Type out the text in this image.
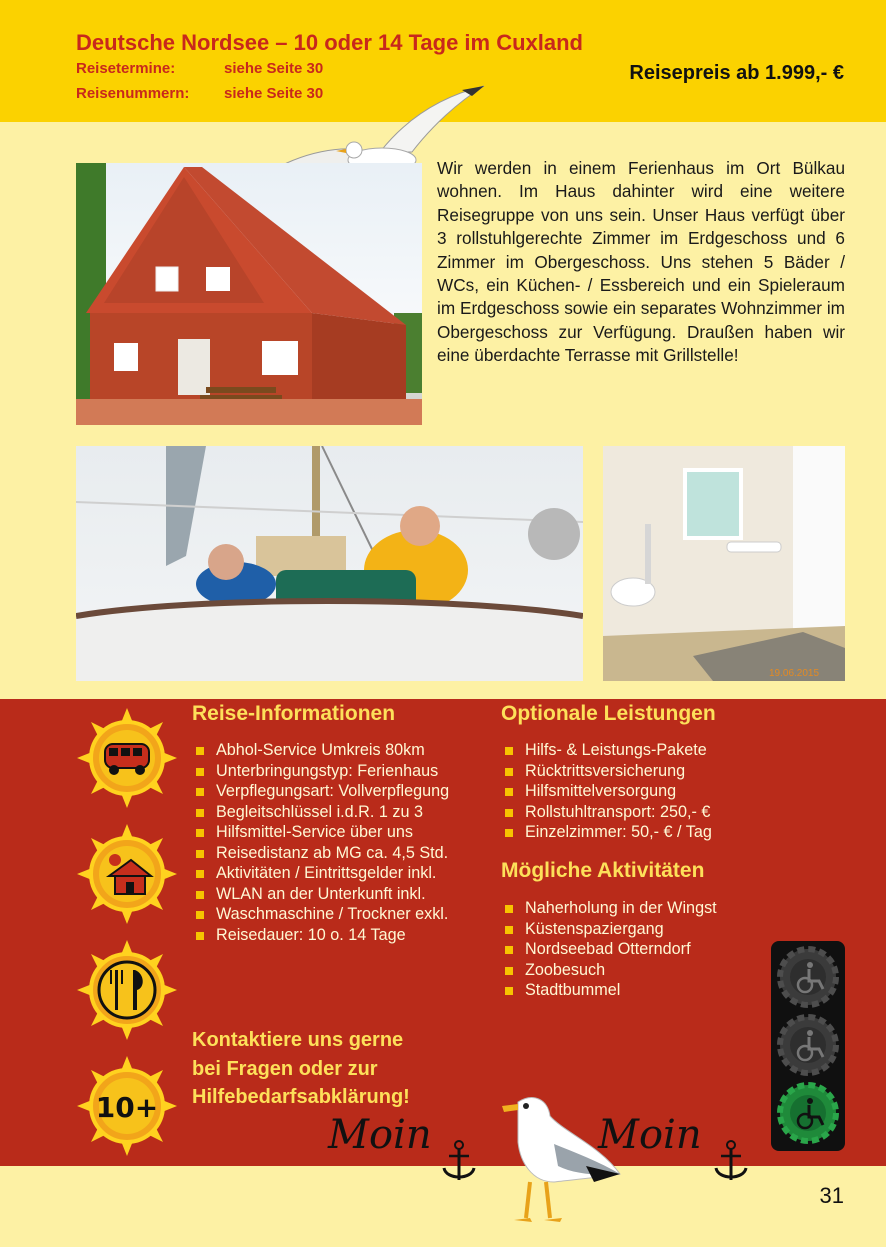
Deutsche Nordsee – 10 oder 14 Tage im Cuxland
Reisetermine:	siehe Seite 30
Reisenummern: siehe Seite 30
Reisepreis ab 1.999,- €

Wir werden in einem Ferienhaus im Ort Bülkau wohnen. Im Haus dahinter wird eine weitere Reisegruppe von uns sein. Unser Haus verfügt über 3 rollstuhlgerechte Zimmer im Erdgeschoss und 6 Zimmer im Obergeschoss. Uns stehen 5 Bäder / WCs, ein Küchen- / Essbereich und ein Spieleraum im Erdgeschoss sowie ein separates Wohnzimmer im Obergeschoss zur Verfügung. Draußen haben wir eine überdachte Terrasse mit Grillstelle!

19.06.2015
10+
Reise-Informationen
Abhol-Service Umkreis 80km
Unterbringungstyp: Ferienhaus
Verpflegungsart: Vollverpflegung
Begleitschlüssel i.d.R. 1 zu 3
Hilfsmittel-Service über uns
Reisedistanz ab MG ca. 4,5 Std.
Aktivitäten / Eintrittsgelder inkl.
WLAN an der Unterkunft inkl.
Waschmaschine / Trockner exkl.
Reisedauer: 10 o. 14 Tage
Optionale Leistungen
Hilfs- & Leistungs-Pakete
Rücktrittsversicherung
Hilfsmittelversorgung
Rollstuhltransport: 250,- €
Einzelzimmer: 50,- € / Tag
Mögliche Aktivitäten
Naherholung in der Wingst
Küstenspaziergang
Nordseebad Otterndorf
Zoobesuch
Stadtbummel

Kontaktiere uns gerne
bei Fragen oder zur
Hilfebedarfsabklärung!

Moin	Moin
31
